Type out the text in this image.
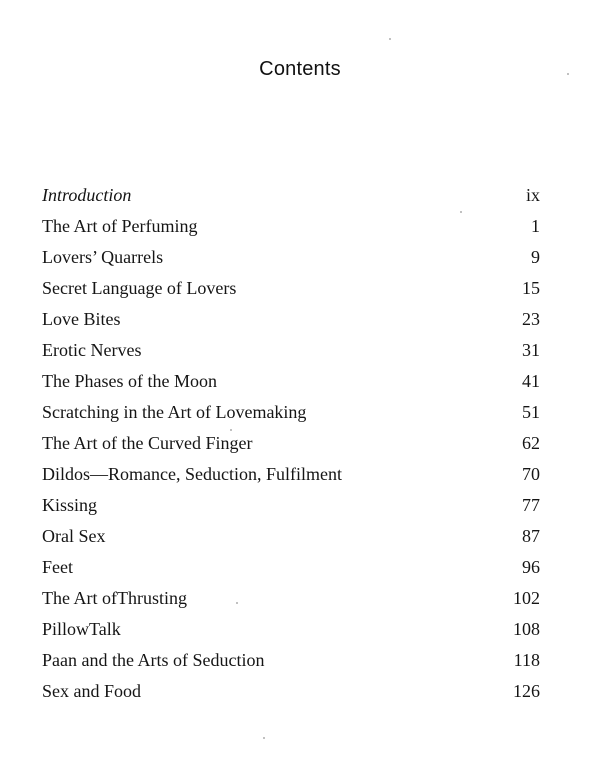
Contents
Introduction	ix
The Art of Perfuming	1
Lovers’ Quarrels	9
Secret Language of Lovers	15
Love Bites	23
Erotic Nerves	31
The Phases of the Moon	41
Scratching in the Art of Lovemaking	51
The Art of the Curved Finger	62
Dildos—Romance, Seduction, Fulfilment	70
Kissing	77
Oral Sex	87
Feet	96
The Art ofThrusting	102
PillowTalk	108
Paan and the Arts of Seduction	118
Sex and Food	126
